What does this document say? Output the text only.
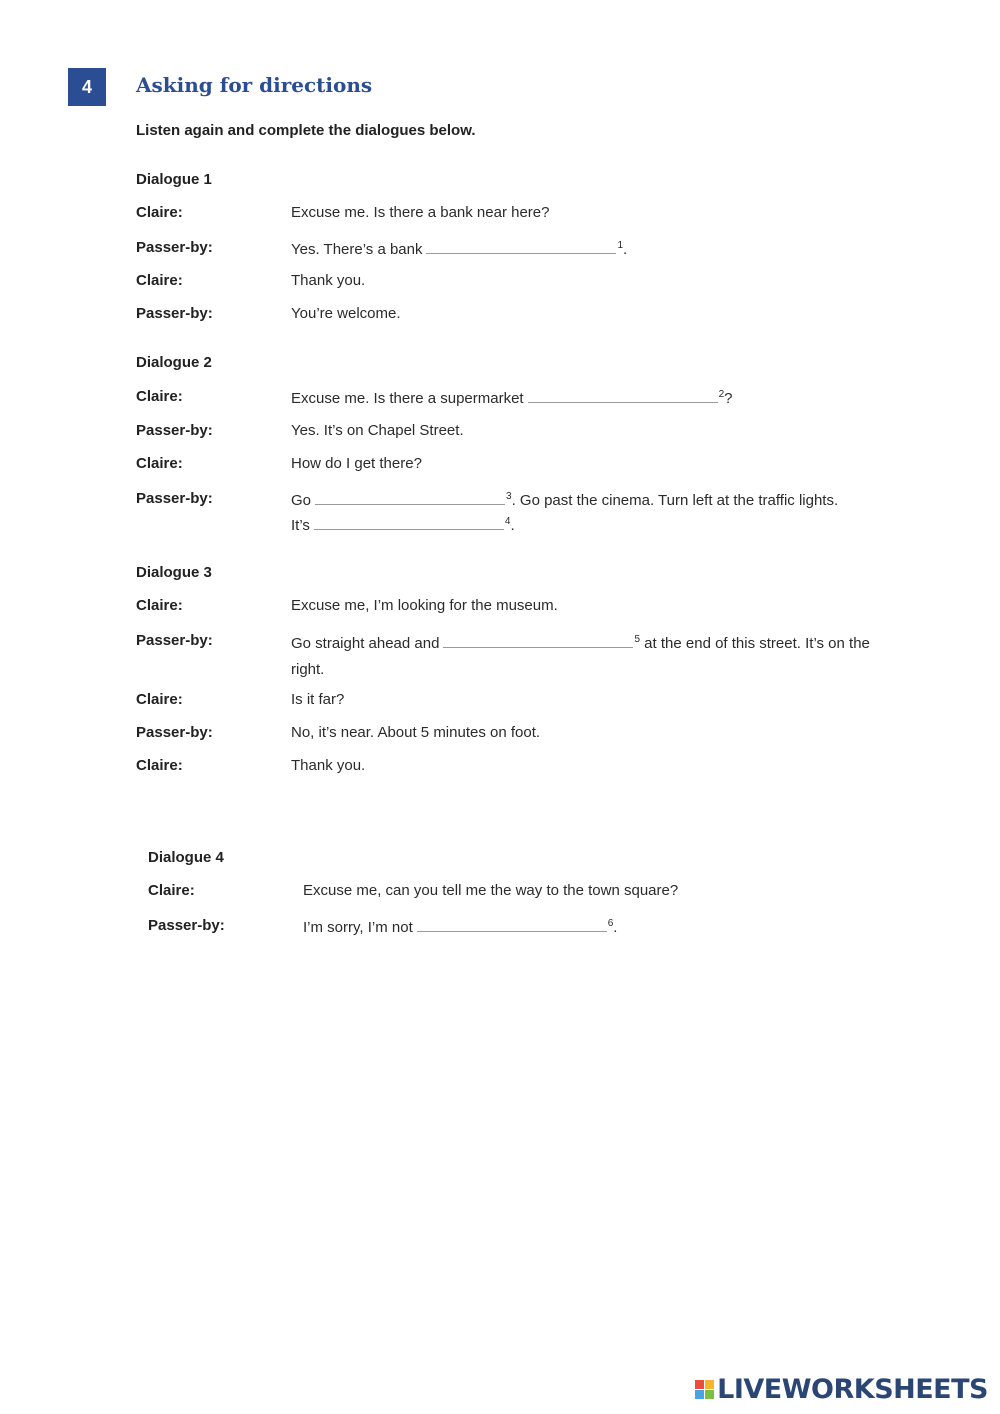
4	Asking for directions
Listen again and complete the dialogues below.
Dialogue 1
Claire:	Excuse me. Is there a bank near here?
Passer-by:	Yes. There’s a bank	$^1$.
Claire:	Thank you.
Passer-by:	You’re welcome.
Dialogue 2
Claire:	Excuse me. Is there a supermarket	$^2$?
Passer-by:	Yes. It’s on Chapel Street.
Claire:	How do I get there?
Passer-by:	Go	$^3$. Go past the cinema. Turn left at the traffic lights.
It’s	$^4$.
Dialogue 3
Claire:	Excuse me, I’m looking for the museum.
Passer-by:	Go straight ahead and	$^5$ at the end of this street. It’s on the right.
Claire:	Is it far?
Passer-by:	No, it’s near. About 5 minutes on foot.
Claire:	Thank you.
Dialogue 4
Claire:	Excuse me, can you tell me the way to the town square?
Passer-by:	I’m sorry, I’m not	$^6$.
LIVEWORKSHEETS
